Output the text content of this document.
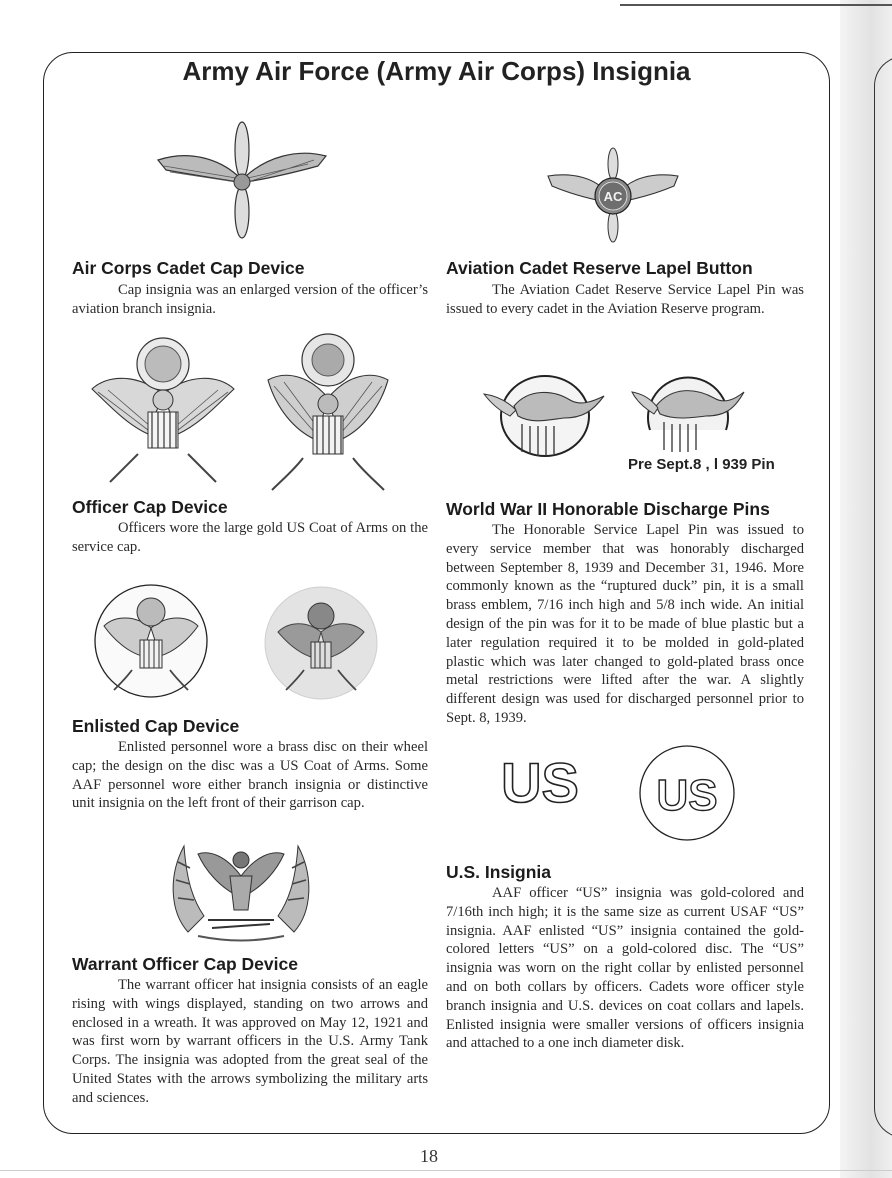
Army Air Force (Army Air Corps) Insignia
AC
Air Corps Cadet Cap Device
Cap insignia was an enlarged version of the officer’s aviation branch insignia.
Aviation Cadet Reserve Lapel Button
The Aviation Cadet Reserve Service Lapel Pin was issued to every cadet in the Aviation Reserve program.
Pre Sept.8 , l 939 Pin
Officer Cap Device
Officers wore the large gold US Coat of Arms on the service cap.
World War II Honorable Discharge Pins
The Honorable Service Lapel Pin was issued to every service member that was honorably discharged between September 8, 1939 and December 31, 1946. More commonly known as the “ruptured duck” pin, it is a small brass emblem, 7/16 inch high and 5/8 inch wide. An initial design of the pin was for it to be made of blue plastic but a later regulation required it to be molded in gold-plated plastic which was later changed to gold-plated brass once metal restrictions were lifted after the war. A slightly different design was used for discharged personnel prior to Sept. 8, 1939.
Enlisted Cap Device
Enlisted personnel wore a brass disc on their wheel cap; the design on the disc was a US Coat of Arms. Some AAF personnel wore either branch insignia or distinctive unit insignia on the left front of their garrison cap.	US US
U.S. Insignia
AAF officer “US” insignia was gold-colored and 7/16th inch high; it is the same size as current USAF “US” insignia. AAF enlisted “US” insignia contained the gold-colored letters “US” on a gold-colored disc. The “US” insignia was worn on the right collar by enlisted personnel and on both collars by officers. Cadets wore officer style branch insignia and U.S. devices on coat collars and lapels. Enlisted insignia were smaller versions of officers insignia and attached to a one inch diameter disk.
Warrant Officer Cap Device
The warrant officer hat insignia consists of an eagle rising with wings displayed, standing on two arrows and enclosed in a wreath. It was approved on May 12, 1921 and was first worn by warrant officers in the U.S. Army Tank Corps. The insignia was adopted from the great seal of the United States with the arrows symbolizing the military arts and sciences.
18
